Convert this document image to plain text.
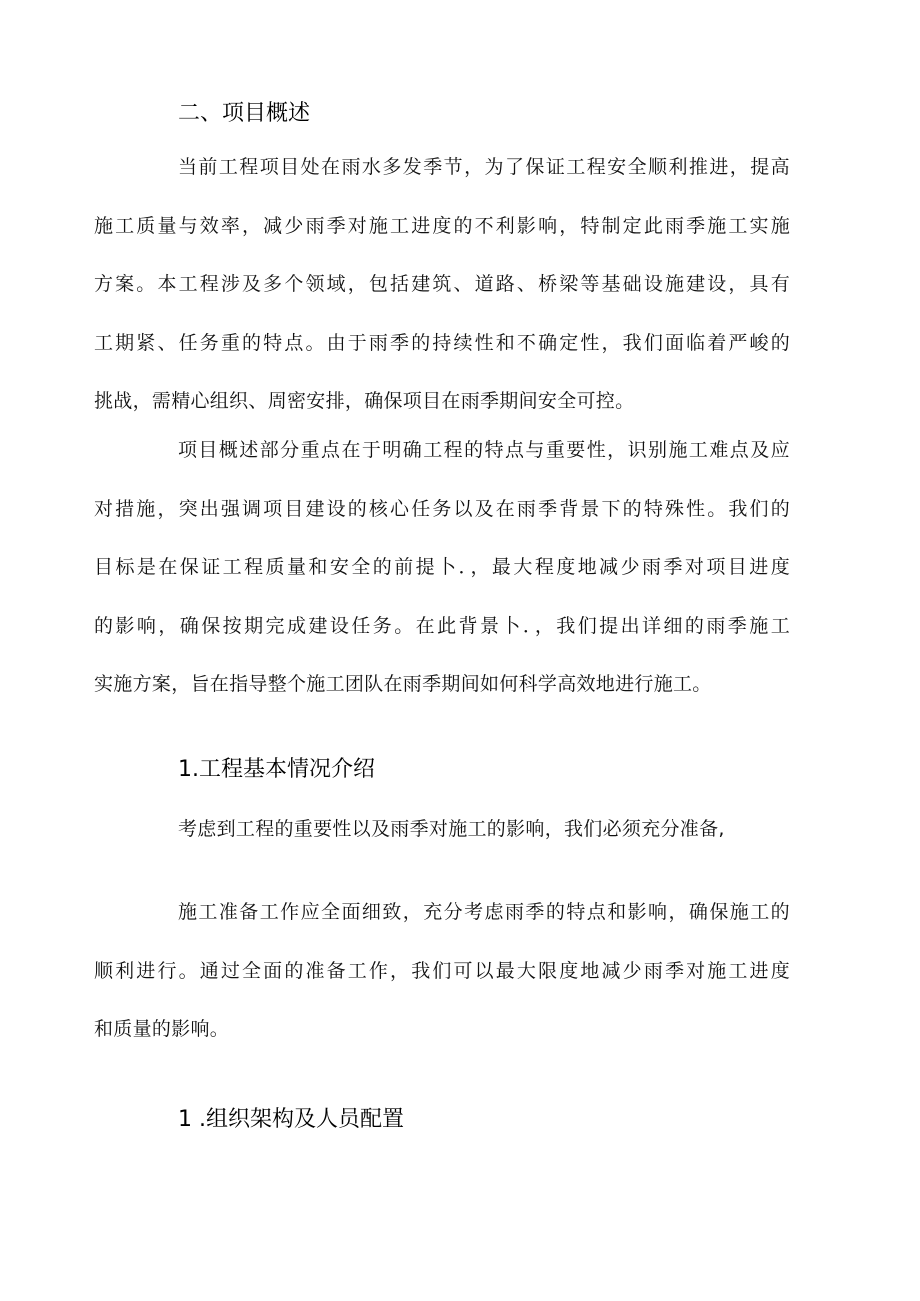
二、项目概述
当前工程项目处在雨水多发季节，为了保证工程安全顺利推进，提高
施工质量与效率，减少雨季对施工进度的不利影响，特制定此雨季施工实施
方案。本工程涉及多个领域，包括建筑、道路、桥梁等基础设施建设，具有
工期紧、任务重的特点。由于雨季的持续性和不确定性，我们面临着严峻的
挑战，需精心组织、周密安排，确保项目在雨季期间安全可控。
项目概述部分重点在于明确工程的特点与重要性，识别施工难点及应
对措施，突出强调项目建设的核心任务以及在雨季背景下的特殊性。我们的
目标是在保证工程质量和安全的前提卜．，最大程度地减少雨季对项目进度
的影响，确保按期完成建设任务。在此背景卜．，我们提出详细的雨季施工
实施方案，旨在指导整个施工团队在雨季期间如何科学高效地进行施工。
1.工程基本情况介绍
考虑到工程的重要性以及雨季对施工的影响，我们必须充分准备,
施工准备工作应全面细致，充分考虑雨季的特点和影响，确保施工的
顺利进行。通过全面的准备工作，我们可以最大限度地减少雨季对施工进度
和质量的影响。
1 .组织架构及人员配置
